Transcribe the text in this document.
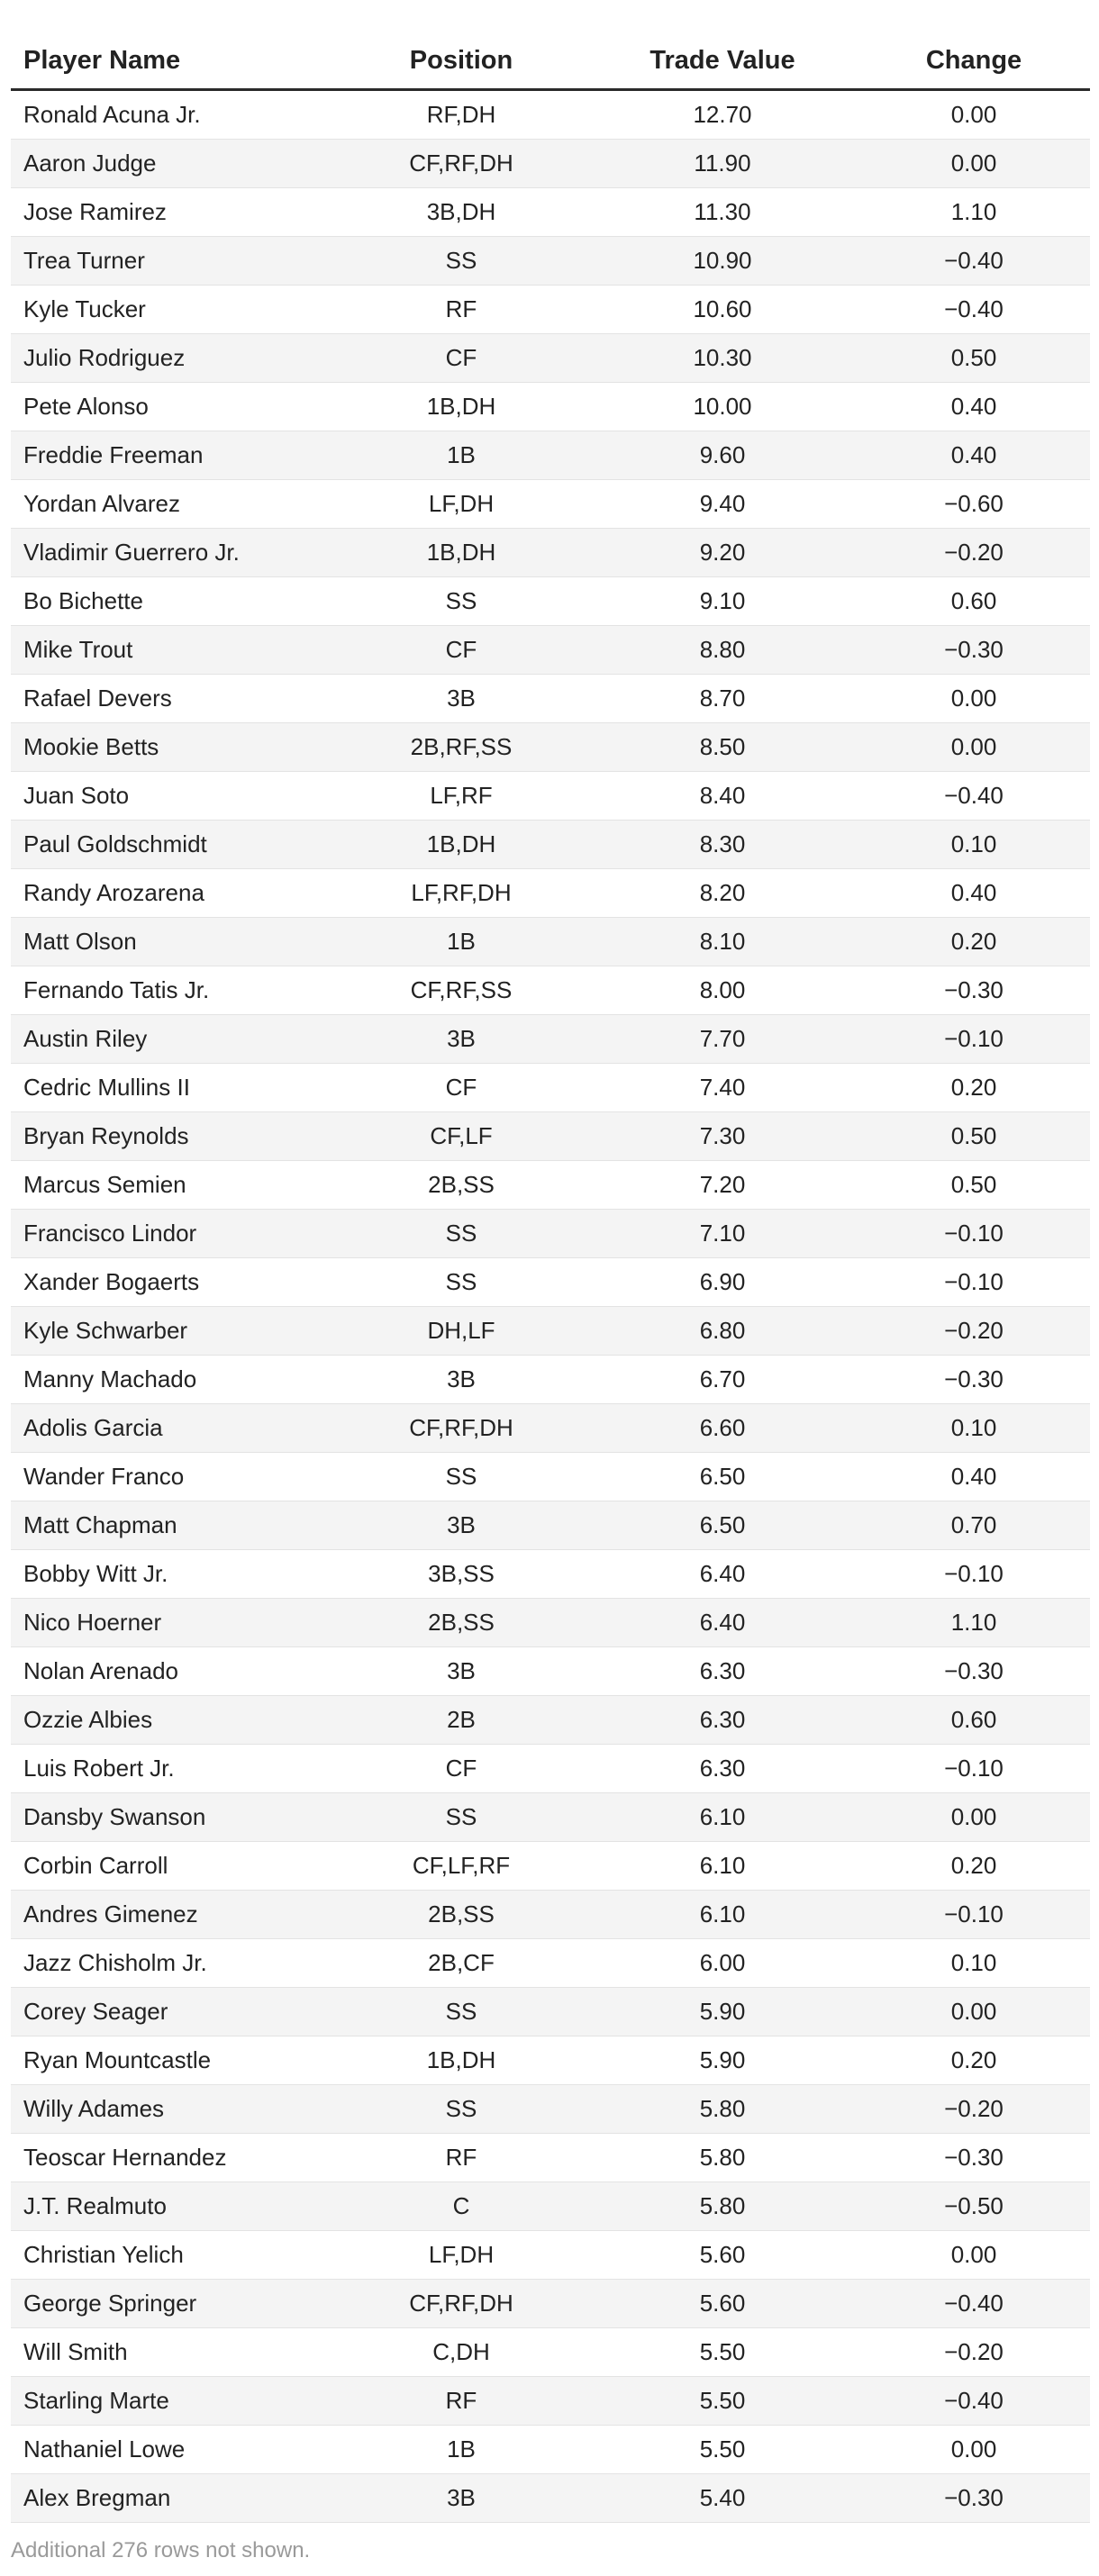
Player Name	Position	Trade Value	Change
Ronald Acuna Jr.	RF,DH	12.70	0.00
Aaron Judge	CF,RF,DH	11.90	0.00
Jose Ramirez	3B,DH	11.30	1.10
Trea Turner	SS	10.90	−0.40
Kyle Tucker	RF	10.60	−0.40
Julio Rodriguez	CF	10.30	0.50
Pete Alonso	1B,DH	10.00	0.40
Freddie Freeman	1B	9.60	0.40
Yordan Alvarez	LF,DH	9.40	−0.60
Vladimir Guerrero Jr.	1B,DH	9.20	−0.20
Bo Bichette	SS	9.10	0.60
Mike Trout	CF	8.80	−0.30
Rafael Devers	3B	8.70	0.00
Mookie Betts	2B,RF,SS	8.50	0.00
Juan Soto	LF,RF	8.40	−0.40
Paul Goldschmidt	1B,DH	8.30	0.10
Randy Arozarena	LF,RF,DH	8.20	0.40
Matt Olson	1B	8.10	0.20
Fernando Tatis Jr.	CF,RF,SS	8.00	−0.30
Austin Riley	3B	7.70	−0.10
Cedric Mullins II	CF	7.40	0.20
Bryan Reynolds	CF,LF	7.30	0.50
Marcus Semien	2B,SS	7.20	0.50
Francisco Lindor	SS	7.10	−0.10
Xander Bogaerts	SS	6.90	−0.10
Kyle Schwarber	DH,LF	6.80	−0.20
Manny Machado	3B	6.70	−0.30
Adolis Garcia	CF,RF,DH	6.60	0.10
Wander Franco	SS	6.50	0.40
Matt Chapman	3B	6.50	0.70
Bobby Witt Jr.	3B,SS	6.40	−0.10
Nico Hoerner	2B,SS	6.40	1.10
Nolan Arenado	3B	6.30	−0.30
Ozzie Albies	2B	6.30	0.60
Luis Robert Jr.	CF	6.30	−0.10
Dansby Swanson	SS	6.10	0.00
Corbin Carroll	CF,LF,RF	6.10	0.20
Andres Gimenez	2B,SS	6.10	−0.10
Jazz Chisholm Jr.	2B,CF	6.00	0.10
Corey Seager	SS	5.90	0.00
Ryan Mountcastle	1B,DH	5.90	0.20
Willy Adames	SS	5.80	−0.20
Teoscar Hernandez	RF	5.80	−0.30
J.T. Realmuto	C	5.80	−0.50
Christian Yelich	LF,DH	5.60	0.00
George Springer	CF,RF,DH	5.60	−0.40
Will Smith	C,DH	5.50	−0.20
Starling Marte	RF	5.50	−0.40
Nathaniel Lowe	1B	5.50	0.00
Alex Bregman	3B	5.40	−0.30
Additional 276 rows not shown.
